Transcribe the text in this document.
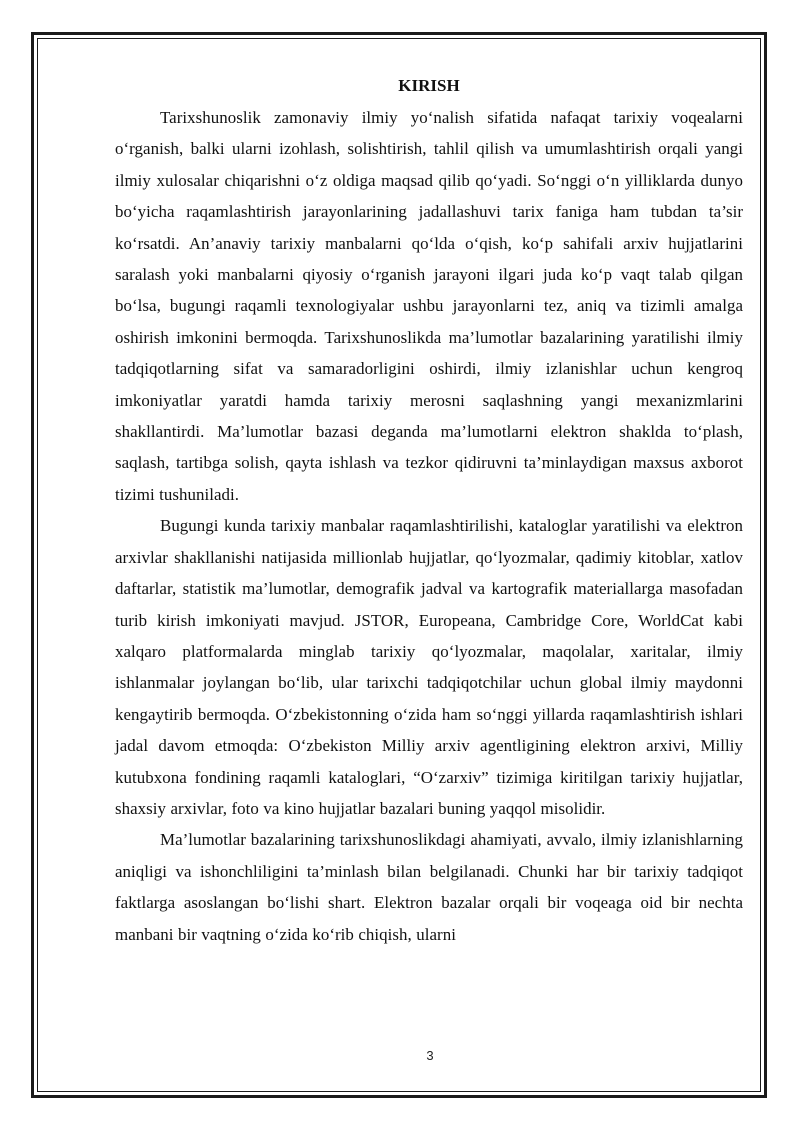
KIRISH

Tarixshunoslik zamonaviy ilmiy yo‘nalish sifatida nafaqat tarixiy voqealarni o‘rganish, balki ularni izohlash, solishtirish, tahlil qilish va umumlashtirish orqali yangi ilmiy xulosalar chiqarishni o‘z oldiga maqsad qilib qo‘yadi. So‘nggi o‘n yilliklarda dunyo bo‘yicha raqamlashtirish jarayonlarining jadallashuvi tarix faniga ham tubdan ta’sir ko‘rsatdi. An’anaviy tarixiy manbalarni qo‘lda o‘qish, ko‘p sahifali arxiv hujjatlarini saralash yoki manbalarni qiyosiy o‘rganish jarayoni ilgari juda ko‘p vaqt talab qilgan bo‘lsa, bugungi raqamli texnologiyalar ushbu jarayonlarni tez, aniq va tizimli amalga oshirish imkonini bermoqda. Tarixshunoslikda ma’lumotlar bazalarining yaratilishi ilmiy tadqiqotlarning sifat va samaradorligini oshirdi, ilmiy izlanishlar uchun kengroq imkoniyatlar yaratdi hamda tarixiy merosni saqlashning yangi mexanizmlarini shakllantirdi. Ma’lumotlar bazasi deganda ma’lumotlarni elektron shaklda to‘plash, saqlash, tartibga solish, qayta ishlash va tezkor qidiruvni ta’minlaydigan maxsus axborot tizimi tushuniladi.

Bugungi kunda tarixiy manbalar raqamlashtirilishi, kataloglar yaratilishi va elektron arxivlar shakllanishi natijasida millionlab hujjatlar, qo‘lyozmalar, qadimiy kitoblar, xatlov daftarlar, statistik ma’lumotlar, demografik jadval va kartografik materiallarga masofadan turib kirish imkoniyati mavjud. JSTOR, Europeana, Cambridge Core, WorldCat kabi xalqaro platformalarda minglab tarixiy qo‘lyozmalar, maqolalar, xaritalar, ilmiy ishlanmalar joylangan bo‘lib, ular tarixchi tadqiqotchilar uchun global ilmiy maydonni kengaytirib bermoqda. O‘zbekistonning o‘zida ham so‘nggi yillarda raqamlashtirish ishlari jadal davom etmoqda: O‘zbekiston Milliy arxiv agentligining elektron arxivi, Milliy kutubxona fondining raqamli kataloglari, “O‘zarxiv” tizimiga kiritilgan tarixiy hujjatlar, shaxsiy arxivlar, foto va kino hujjatlar bazalari buning yaqqol misolidir.

Ma’lumotlar bazalarining tarixshunoslikdagi ahamiyati, avvalo, ilmiy izlanishlarning aniqligi va ishonchliligini ta’minlash bilan belgilanadi. Chunki har bir tarixiy tadqiqot faktlarga asoslangan bo‘lishi shart. Elektron bazalar orqali bir voqeaga oid bir nechta manbani bir vaqtning o‘zida ko‘rib chiqish, ularni

3
